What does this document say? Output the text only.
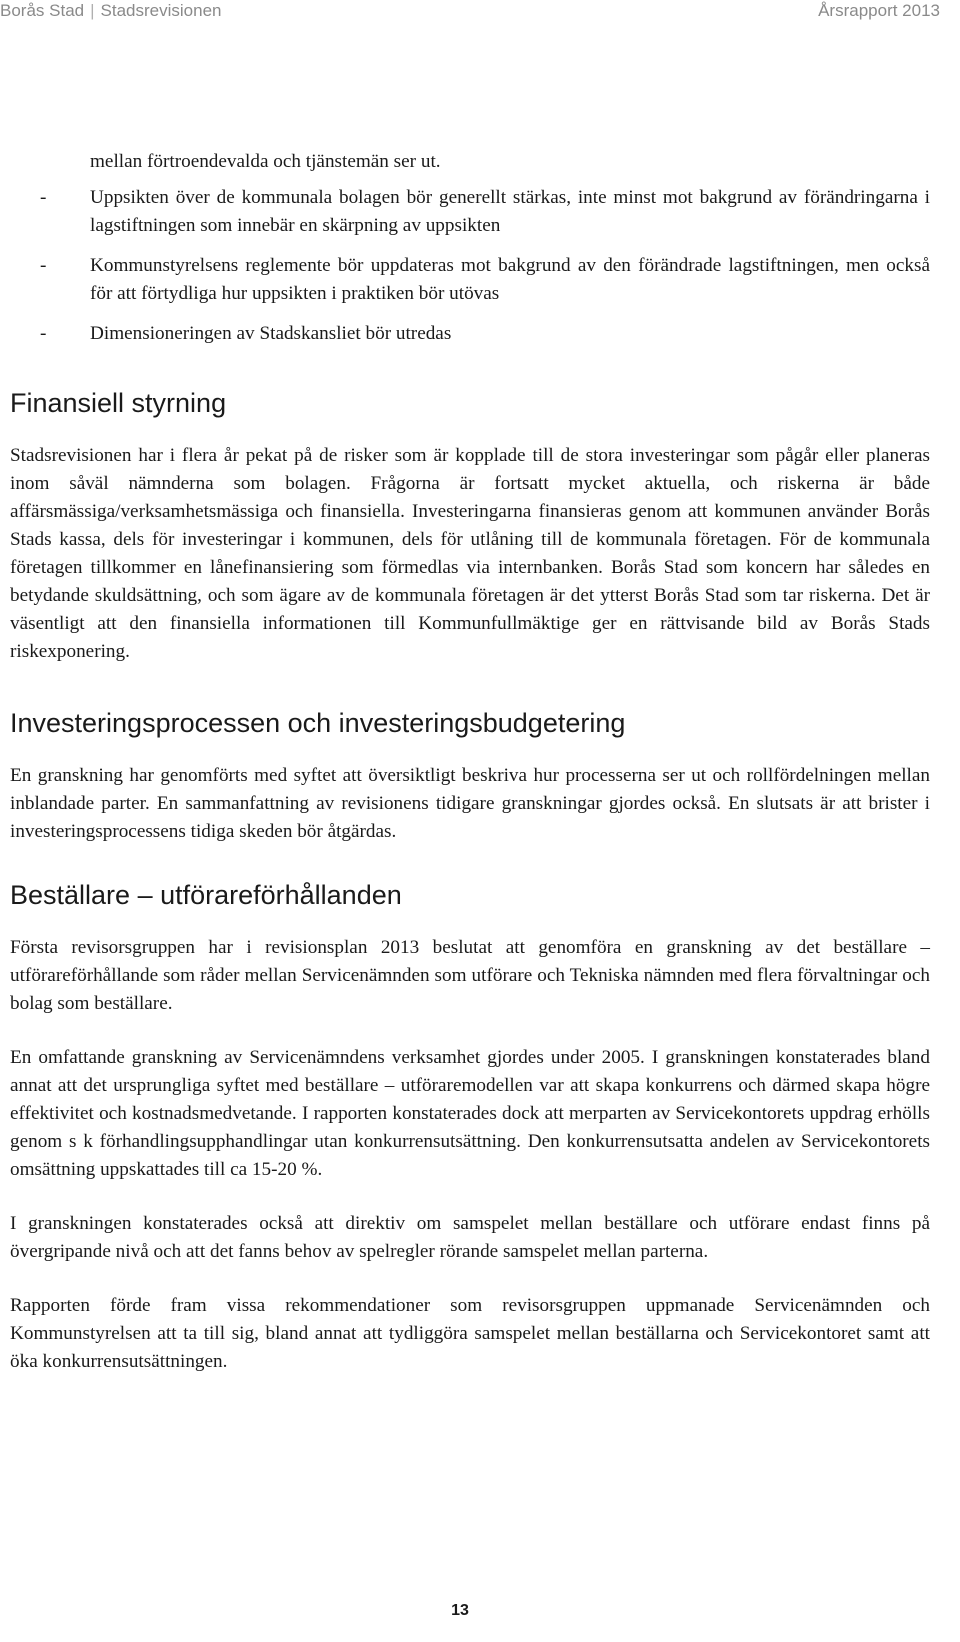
Borås Stad | Stadsrevisionen	Årsrapport 2013

mellan förtroendevalda och tjänstemän ser ut.

- Uppsikten över de kommunala bolagen bör generellt stärkas, inte minst mot bakgrund av förändringarna i lagstiftningen som innebär en skärpning av uppsikten
- Kommunstyrelsens reglemente bör uppdateras mot bakgrund av den förändrade lagstiftningen, men också för att förtydliga hur uppsikten i praktiken bör utövas
- Dimensioneringen av Stadskansliet bör utredas
Finansiell styrning

Stadsrevisionen har i flera år pekat på de risker som är kopplade till de stora investeringar som pågår eller planeras inom såväl nämnderna som bolagen. Frågorna är fortsatt mycket aktuella, och riskerna är både affärsmässiga/verksamhetsmässiga och finansiella. Investeringarna finansieras genom att kommunen använder Borås Stads kassa, dels för investeringar i kommunen, dels för utlåning till de kommunala företagen. För de kommunala företagen tillkommer en lånefinansiering som förmedlas via internbanken. Borås Stad som koncern har således en betydande skuldsättning, och som ägare av de kommunala företagen är det ytterst Borås Stad som tar riskerna. Det är väsentligt att den finansiella informationen till Kommunfullmäktige ger en rättvisande bild av Borås Stads riskexponering.

Investeringsprocessen och investeringsbudgetering

En granskning har genomförts med syftet att översiktligt beskriva hur processerna ser ut och rollfördelningen mellan inblandade parter. En sammanfattning av revisionens tidigare granskningar gjordes också. En slutsats är att brister i investeringsprocessens tidiga skeden bör åtgärdas.

Beställare – utförareförhållanden

Första revisorsgruppen har i revisionsplan 2013 beslutat att genomföra en granskning av det beställare – utförareförhållande som råder mellan Servicenämnden som utförare och Tekniska nämnden med flera förvaltningar och bolag som beställare.

En omfattande granskning av Servicenämndens verksamhet gjordes under 2005. I granskningen konstaterades bland annat att det ursprungliga syftet med beställare – utföraremodellen var att skapa konkurrens och därmed skapa högre effektivitet och kostnadsmedvetande. I rapporten konstaterades dock att merparten av Servicekontorets uppdrag erhölls genom s k förhandlingsupphandlingar utan konkurrensutsättning. Den konkurrensutsatta andelen av Servicekontorets omsättning uppskattades till ca 15-20 %.

I granskningen konstaterades också att direktiv om samspelet mellan beställare och utförare endast finns på övergripande nivå och att det fanns behov av spelregler rörande samspelet mellan parterna.

Rapporten förde fram vissa rekommendationer som revisorsgruppen uppmanade Servicenämnden och Kommunstyrelsen att ta till sig, bland annat att tydliggöra samspelet mellan beställarna och Servicekontoret samt att öka konkurrensutsättningen.

13
